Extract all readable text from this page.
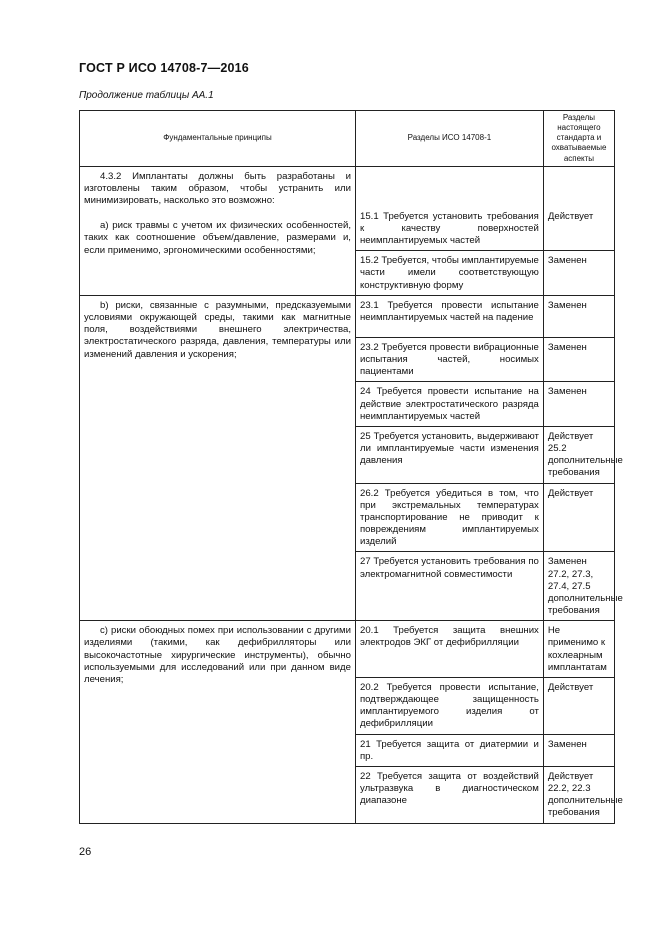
ГОСТ Р ИСО 14708-7—2016
Продолжение таблицы АА.1
Фундаментальные принципы	Разделы ИСО 14708-1	Разделы настоящего стандарта и охватываемые аспекты

4.3.2 Имплантаты должны быть разработаны и изготовлены таким образом, чтобы устранить или минимизировать, насколько это возможно:

а) риск травмы с учетом их физических особенностей, таких как соотношение объем/давление, размерами и, если применимо, эргономическими особенностями;	15.1 Требуется установить требования к качеству поверхностей неимплантируемых частей	Действует
	15.2 Требуется, чтобы имплантируемые части имели соответствующую конструктивную форму	Заменен

b) риски, связанные с разумными, предсказуемыми условиями окружающей среды, такими как магнитные поля, воздействиями внешнего электричества, электростатического разряда, давления, температуры или изменений давления и ускорения;	23.1 Требуется провести испытание неимплантируемых частей на падение	Заменен
	23.2 Требуется провести вибрационные испытания частей, носимых пациентами	Заменен
	24 Требуется провести испытание на действие электростатического разряда неимплантируемых частей	Заменен
	25 Требуется установить, выдерживают ли имплантируемые части изменения давления	Действует 25.2 дополнительные требования
	26.2 Требуется убедиться в том, что при экстремальных температурах транспортирование не приводит к повреждениям имплантируемых изделий	Действует
	27 Требуется установить требования по электромагнитной совместимости	Заменен 27.2, 27.3, 27.4, 27.5 дополнительные требования

с) риски обоюдных помех при использовании с другими изделиями (такими, как дефибрилляторы или высокочастотные хирургические инструменты), обычно используемыми для исследований или при данном виде лечения;	20.1 Требуется защита внешних электродов ЭКГ от дефибрилляции	Не применимо к кохлеарным имплантатам
	20.2 Требуется провести испытание, подтверждающее защищенность имплантируемого изделия от дефибрилляции	Действует
	21 Требуется защита от диатермии и пр.	Заменен
	22 Требуется защита от воздействий ультразвука в диагностическом диапазоне	Действует 22.2, 22.3 дополнительные требования
26
